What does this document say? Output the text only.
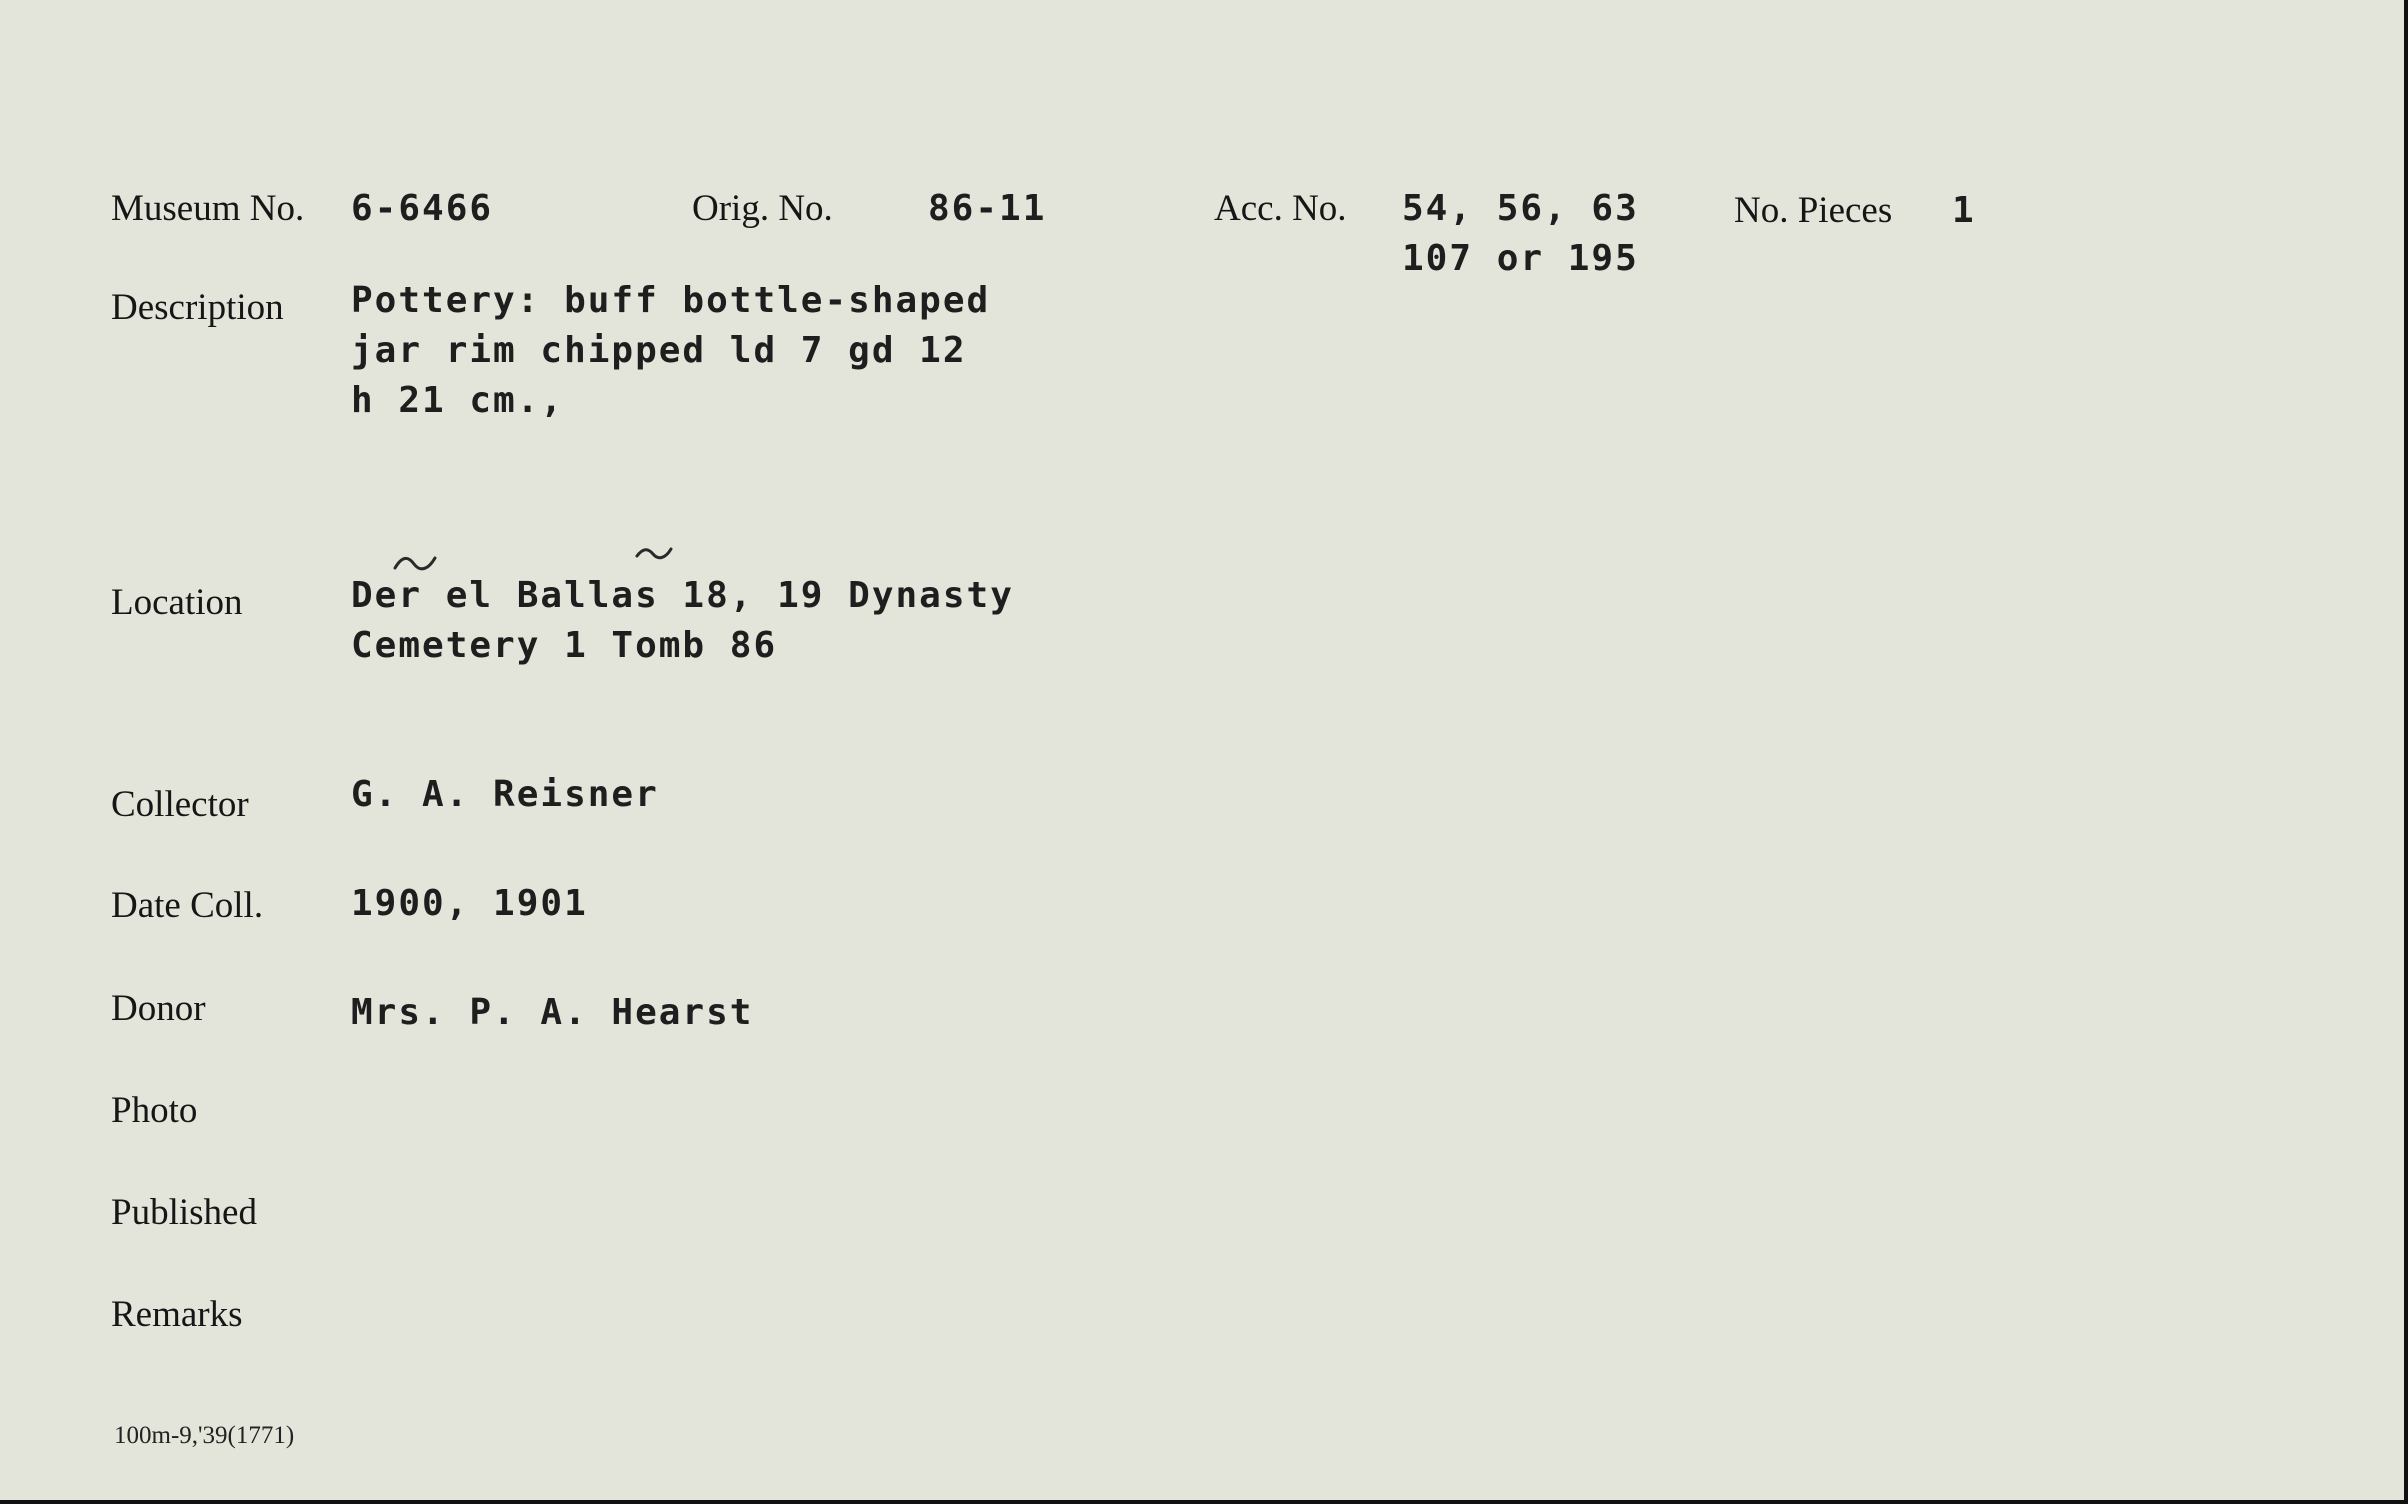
Museum No. 6-6466	Orig. No.	86-11	Acc. No. 54, 56, 63
107 or 195
No. Pieces 1
Description Pottery: buff bottle-shaped
jar rim chipped ld 7 gd 12
h 21 cm.,
Location	Der el Ballas 18, 19 Dynasty
Cemetery 1 Tomb 86
Collector	G. A. Reisner
Date Coll. 1900, 1901
Donor	Mrs. P. A. Hearst
Photo
Published
Remarks
100m-9,'39(1771)
